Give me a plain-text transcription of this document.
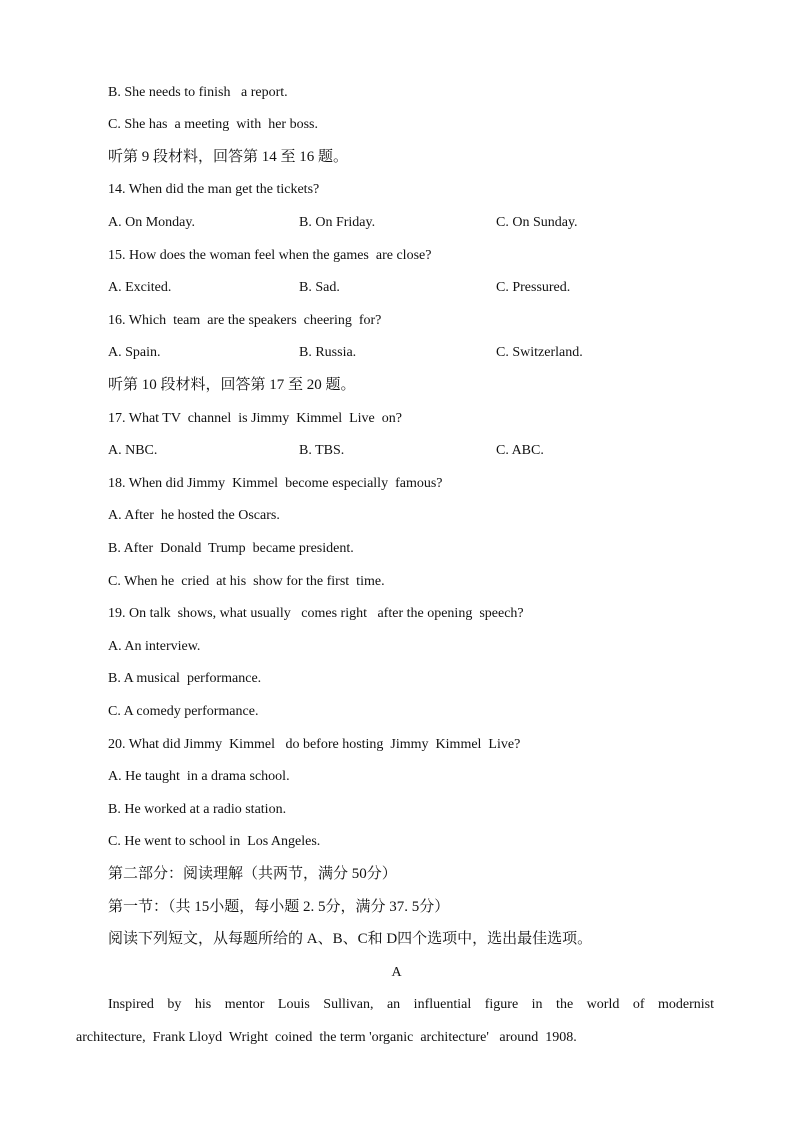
B. She needs to finish   a report.
C. She has  a meeting  with  her boss.
听第 9 段材料，回答第 14 至 16 题。
14. When did the man get the tickets?
A. On Monday.	B. On Friday.	C. On Sunday.
15. How does the woman feel when the games  are close?
A. Excited.	B. Sad.	C. Pressured.
16. Which  team  are the speakers  cheering  for?
A. Spain.	B. Russia.	C. Switzerland.
听第 10 段材料，回答第 17 至 20 题。
17. What TV  channel  is Jimmy  Kimmel  Live  on?
A. NBC.	B. TBS.	C. ABC.
18. When did Jimmy  Kimmel  become especially  famous?
A. After  he hosted the Oscars.
B. After  Donald  Trump  became president.
C. When he  cried  at his  show for the first  time.
19. On talk  shows, what usually   comes right   after the opening  speech?
A. An interview.
B. A musical  performance.
C. A comedy performance.
20. What did Jimmy  Kimmel   do before hosting  Jimmy  Kimmel  Live?
A. He taught  in a drama school.
B. He worked at a radio station.
C. He went to school in  Los Angeles.
第二部分：阅读理解（共两节，满分 50分）
第一节：（共 15小题，每小题 2. 5分，满分 37. 5分）
阅读下列短文，从每题所给的 A、B、C和 D四个选项中，选出最佳选项。
A
Inspired by his mentor Louis Sullivan, an influential figure in the world of modernist
architecture,  Frank Lloyd  Wright  coined  the term 'organic  architecture'   around  1908.
